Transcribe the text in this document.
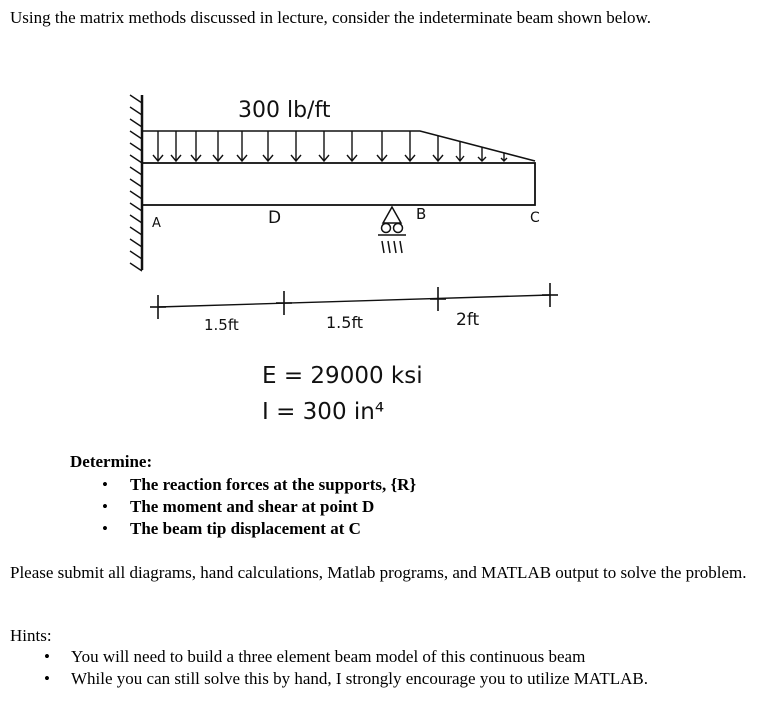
Using the matrix methods discussed in lecture, consider the indeterminate beam shown below.
300 lb/ft
A	D	B	C
1.5ft	1.5ft	2ft
E = 29000 ksi
I = 300 in⁴
Determine:
• The reaction forces at the supports, {R}
• The moment and shear at point D
• The beam tip displacement at C
Please submit all diagrams, hand calculations, Matlab programs, and MATLAB output to solve the problem.
Hints:
• You will need to build a three element beam model of this continuous beam
• While you can still solve this by hand, I strongly encourage you to utilize MATLAB.
